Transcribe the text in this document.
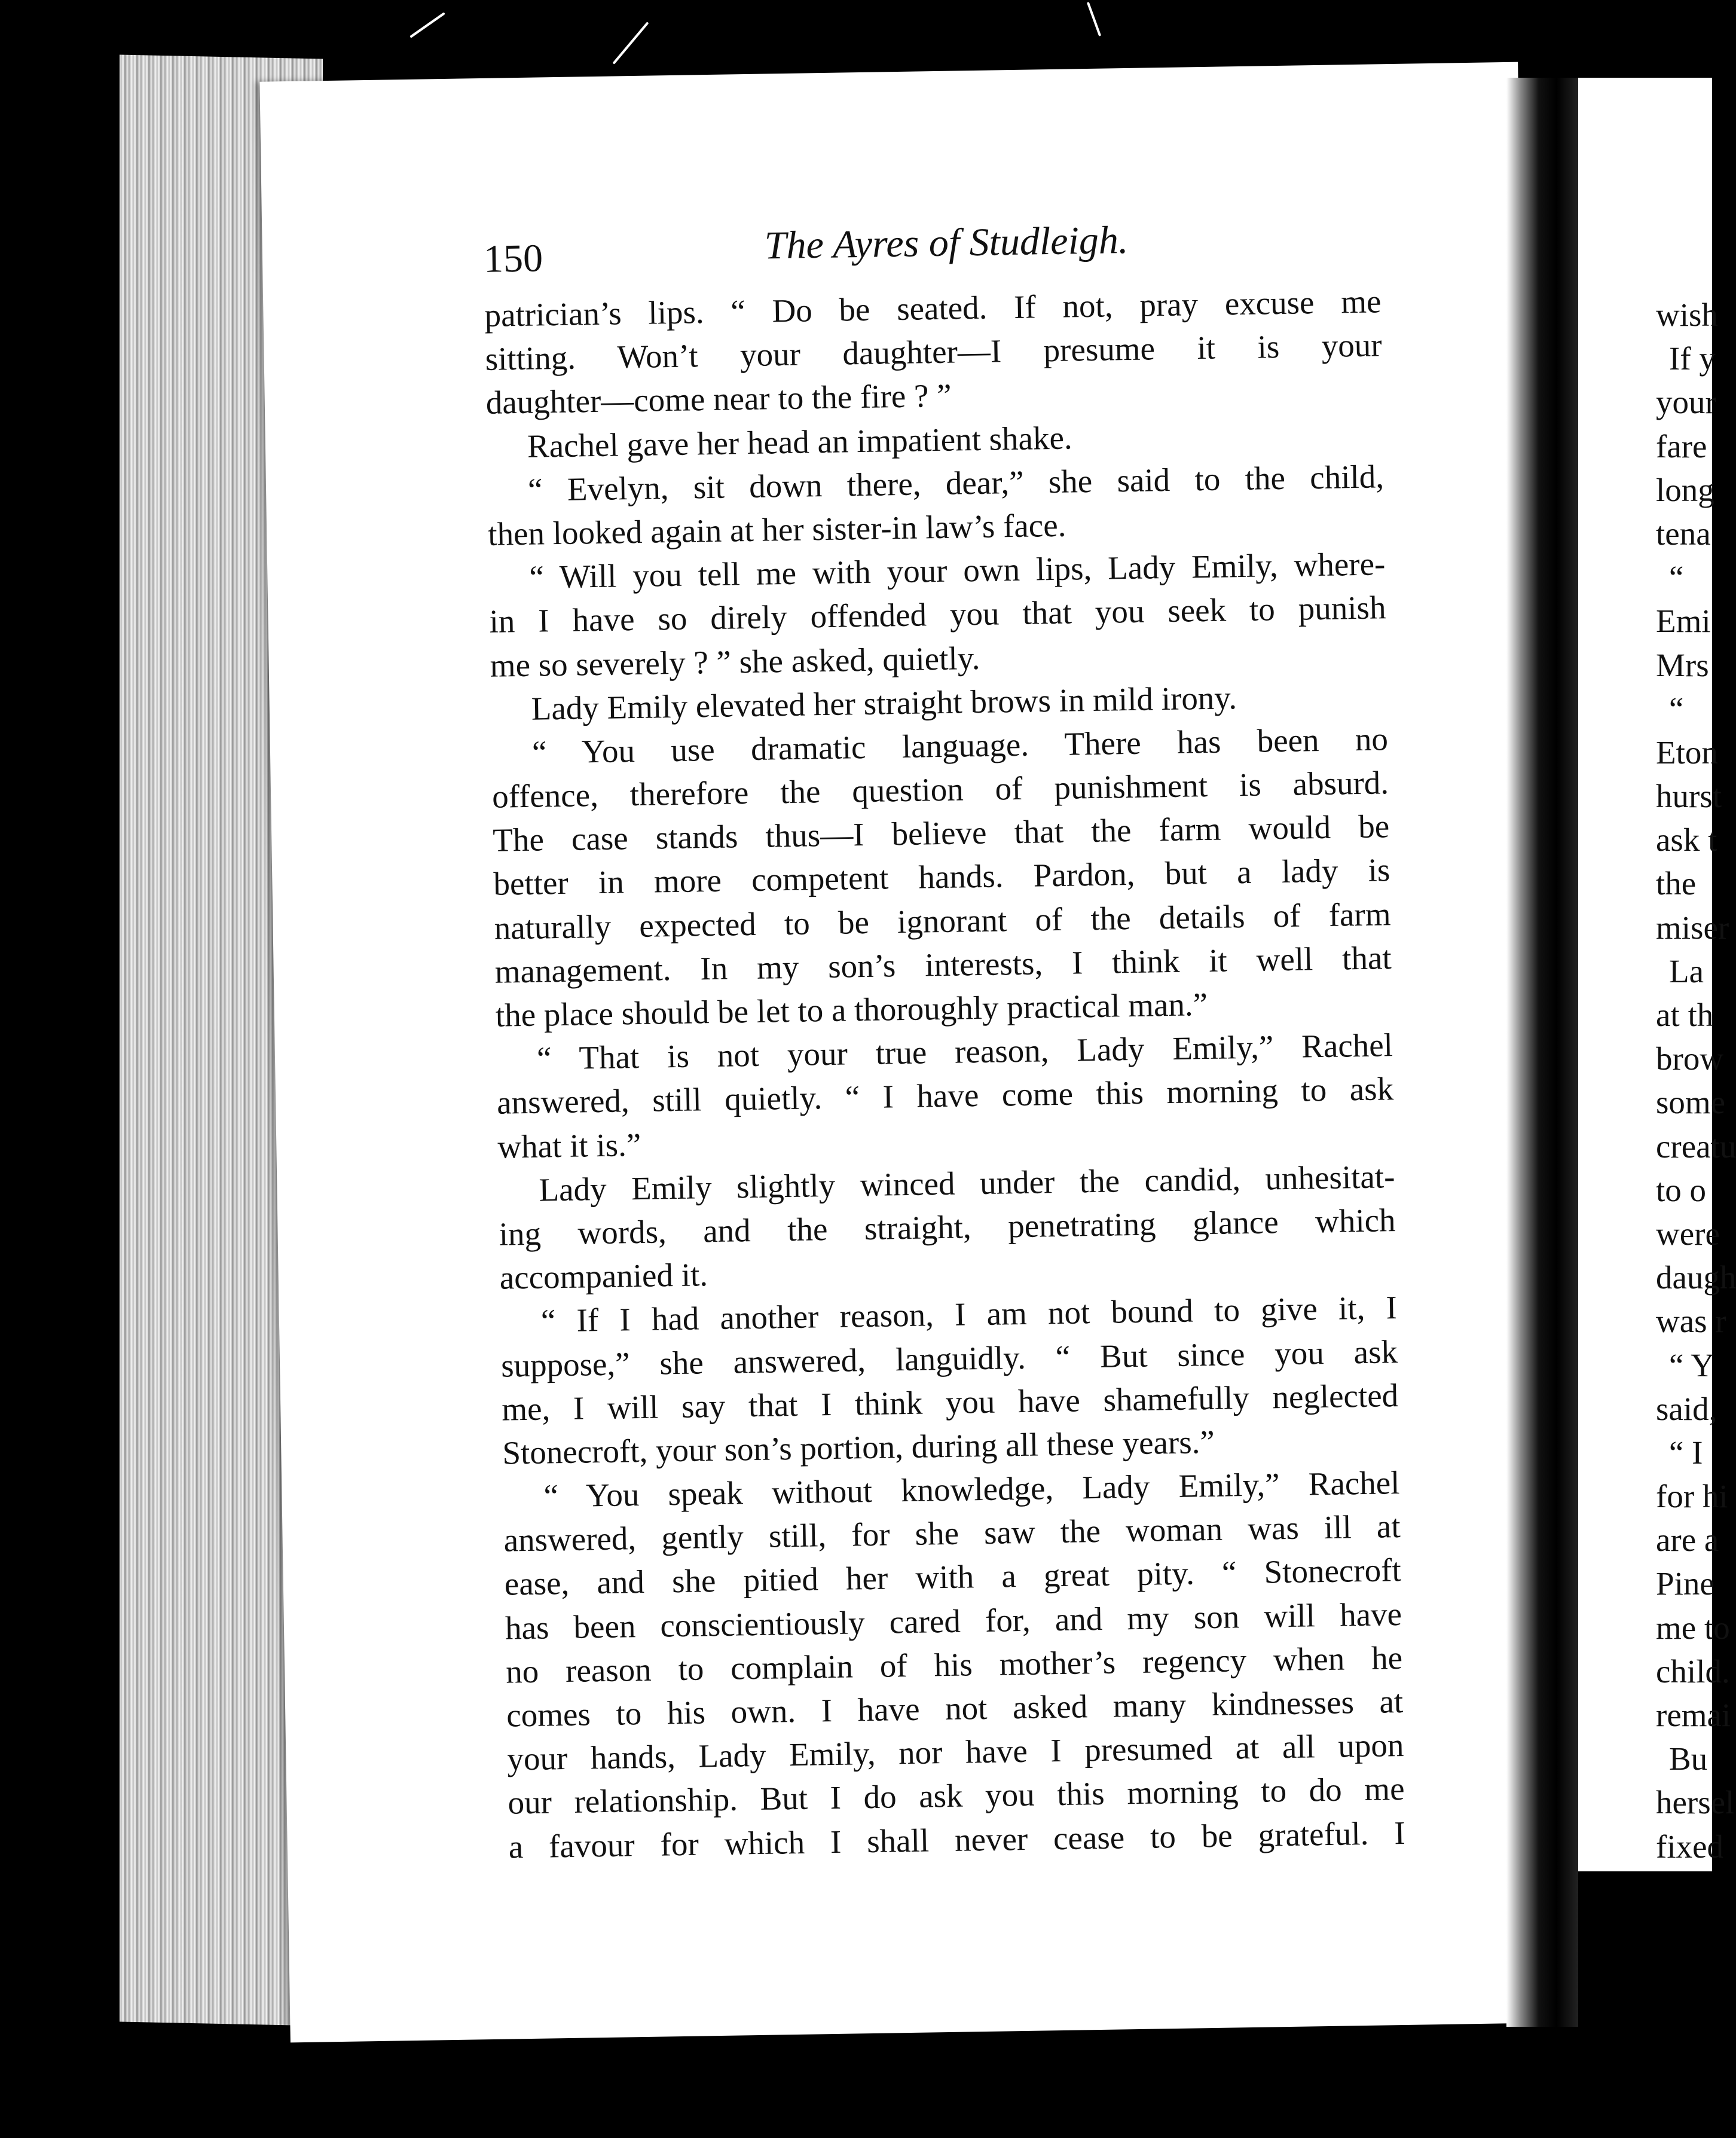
150	The Ayres of Studleigh.
patrician’s lips. “ Do be seated. If not, pray excuse me
sitting. Won’t your daughter—I presume it is your
daughter—come near to the fire ? ”
Rachel gave her head an impatient shake.
“ Evelyn, sit down there, dear,” she said to the child,
then looked again at her sister-in law’s face.
“ Will you tell me with your own lips, Lady Emily, where-
in I have so direly offended you that you seek to punish
me so severely ? ” she asked, quietly.
Lady Emily elevated her straight brows in mild irony.
“ You use dramatic language. There has been no
offence, therefore the question of punishment is absurd.
The case stands thus—I believe that the farm would be
better in more competent hands. Pardon, but a lady is
naturally expected to be ignorant of the details of farm
management. In my son’s interests, I think it well that
the place should be let to a thoroughly practical man.”
“ That is not your true reason, Lady Emily,” Rachel
answered, still quietly. “ I have come this morning to ask
what it is.”
Lady Emily slightly winced under the candid, unhesitat-
ing words, and the straight, penetrating glance which
accompanied it.
“ If I had another reason, I am not bound to give it, I
suppose,” she answered, languidly. “ But since you ask
me, I will say that I think you have shamefully neglected
Stonecroft, your son’s portion, during all these years.”
“ You speak without knowledge, Lady Emily,” Rachel
answered, gently still, for she saw the woman was ill at
ease, and she pitied her with a great pity. “ Stonecroft
has been conscientiously cared for, and my son will have
no reason to complain of his mother’s regency when he
comes to his own. I have not asked many kindnesses at
your hands, Lady Emily, nor have I presumed at all upon
our relationship. But I do ask you this morning to do me
a favour for which I shall never cease to be grateful. I
wish
If y
your
fare
long
tena
“
Emi
Mrs
“
Eton
hurst
ask t
the
miser
La
at th
brow
some
creatu
to o
were
daugh
was r
“ Y
said,
“ I
for hi
are a
Pine
me to
child.
remai
Bu
hersel
fixed
